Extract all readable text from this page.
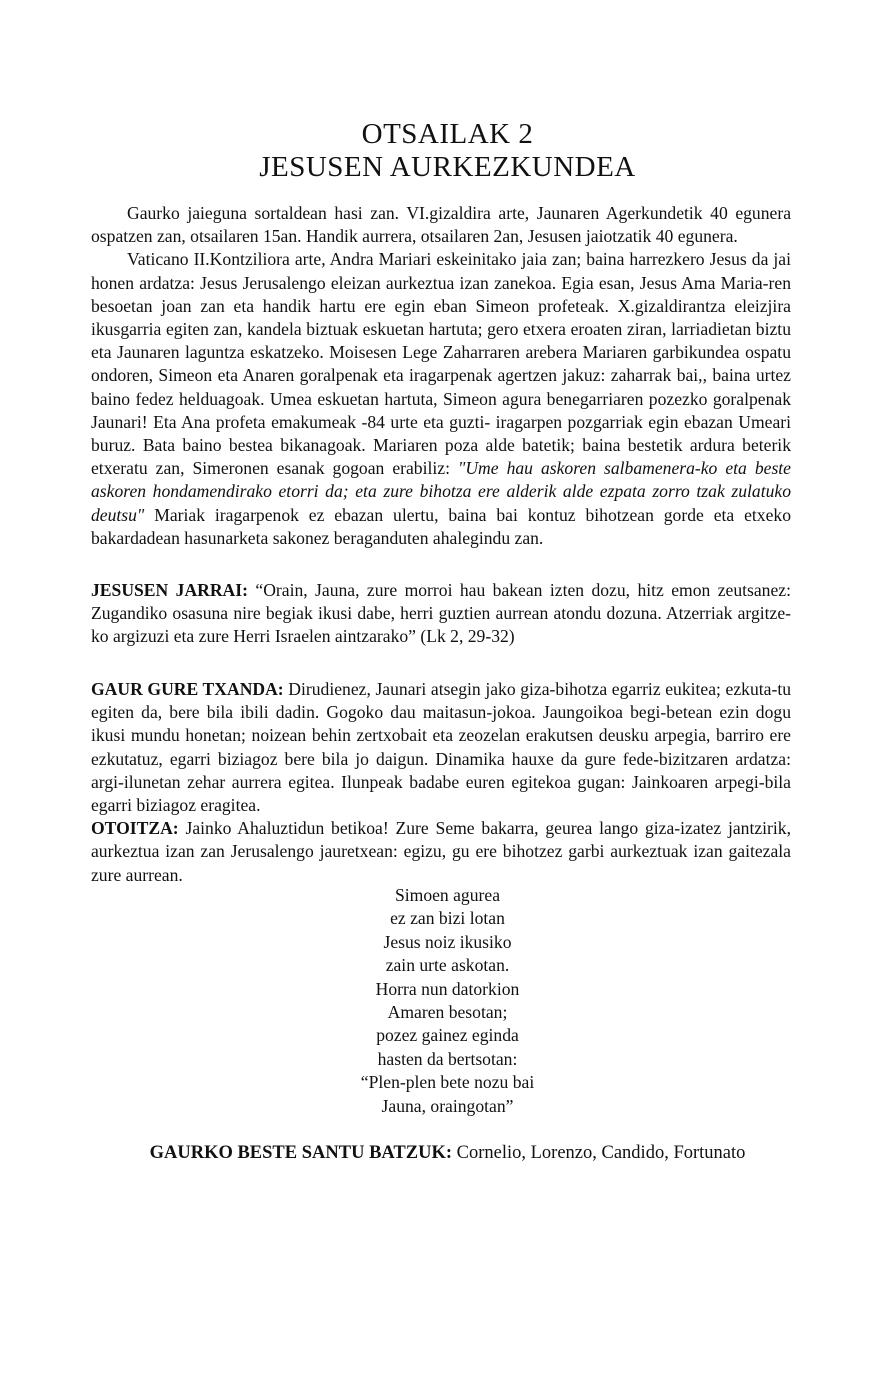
OTSAILAK 2
JESUSEN AURKEZKUNDEA

Gaurko jaieguna sortaldean hasi zan. VI.gizaldira arte, Jaunaren Agerkundetik 40 egunera ospatzen zan, otsailaren 15an. Handik aurrera, otsailaren 2an, Jesusen jaiotzatik 40 egunera.

Vaticano II.Kontziliora arte, Andra Mariari eskeinitako jaia zan; baina harrezkero Jesus da jai honen ardatza: Jesus Jerusalengo eleizan aurkeztua izan zanekoa. Egia esan, Jesus Ama Maria-ren besoetan joan zan eta handik hartu ere egin eban Simeon profeteak. X.gizaldirantza eleizjira ikusgarria egiten zan, kandela biztuak eskuetan hartuta; gero etxera eroaten ziran, larriadietan biztu eta Jaunaren laguntza eskatzeko. Moisesen Lege Zaharraren arebera Mariaren garbikundea ospatu ondoren, Simeon eta Anaren goralpenak eta iragarpenak agertzen jakuz: zaharrak bai,, baina urtez baino fedez helduagoak. Umea eskuetan hartuta, Simeon agura benegarriaren pozezko goralpenak Jaunari! Eta Ana profeta emakumeak -84 urte eta guzti- iragarpen pozgarriak egin ebazan Umeari buruz. Bata baino bestea bikanagoak. Mariaren poza alde batetik; baina bestetik ardura beterik etxeratu zan, Simeronen esanak gogoan erabiliz: "Ume hau askoren salbamenera-ko eta beste askoren hondamendirako etorri da; eta zure bihotza ere alderik alde ezpata zorro tzak zulatuko deutsu" Mariak iragarpenok ez ebazan ulertu, baina bai kontuz bihotzean gorde eta etxeko bakardadean hasunarketa sakonez beraganduten ahalegindu zan.

JESUSEN JARRAI: “Orain, Jauna, zure morroi hau bakean izten dozu, hitz emon zeutsanez: Zugandiko osasuna nire begiak ikusi dabe, herri guztien aurrean atondu dozuna. Atzerriak argitze-ko argizuzi eta zure Herri Israelen aintzarako” (Lk 2, 29-32)

GAUR GURE TXANDA: Dirudienez, Jaunari atsegin jako giza-bihotza egarriz eukitea; ezkuta-tu egiten da, bere bila ibili dadin. Gogoko dau maitasun-jokoa. Jaungoikoa begi-betean ezin dogu ikusi mundu honetan; noizean behin zertxobait eta zeozelan erakutsen deusku arpegia, barriro ere ezkutatuz, egarri biziagoz bere bila jo daigun. Dinamika hauxe da gure fede-bizitzaren ardatza: argi-ilunetan zehar aurrera egitea. Ilunpeak badabe euren egitekoa gugan: Jainkoaren arpegi-bila egarri biziagoz eragitea.

OTOITZA: Jainko Ahaluztidun betikoa! Zure Seme bakarra, geurea lango giza-izatez jantzirik, aurkeztua izan zan Jerusalengo jauretxean: egizu, gu ere bihotzez garbi aurkeztuak izan gaitezala zure aurrean.

Simoen agurea
ez zan bizi lotan
Jesus noiz ikusiko
zain urte askotan.
Horra nun datorkion
Amaren besotan;
pozez gainez eginda
hasten da bertsotan:
“Plen-plen bete nozu bai
Jauna, oraingotan”
GAURKO BESTE SANTU BATZUK: Cornelio, Lorenzo, Candido, Fortunato
